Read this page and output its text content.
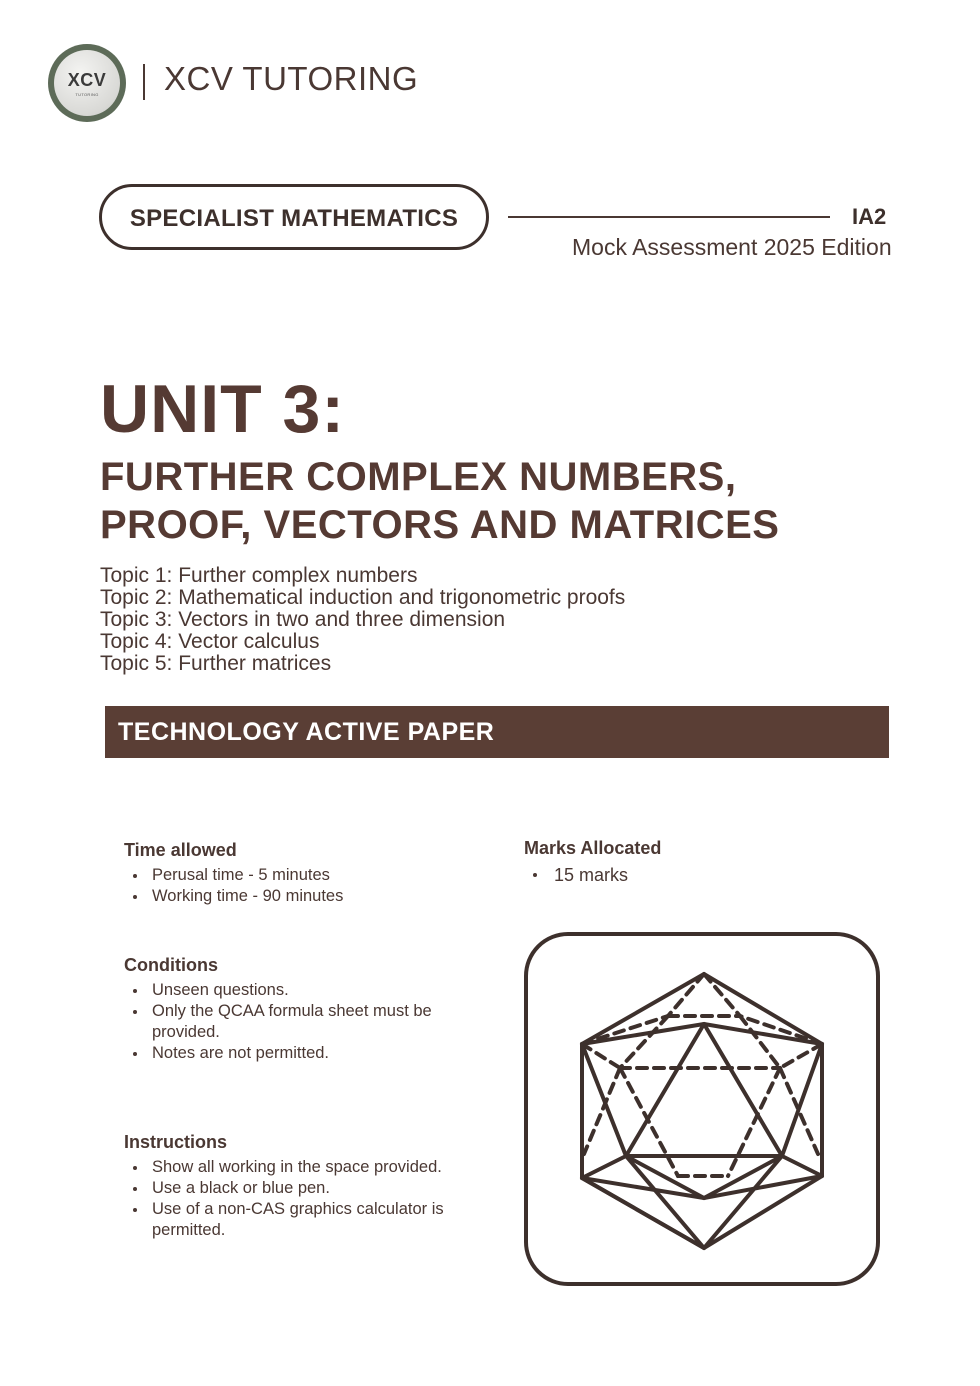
XCV
TUTORING	XCV TUTORING
SPECIALIST MATHEMATICS	IA2
Mock Assessment 2025 Edition
UNIT 3:
FURTHER COMPLEX NUMBERS,
PROOF, VECTORS AND MATRICES
Topic 1: Further complex numbers
Topic 2: Mathematical induction and trigonometric proofs
Topic 3: Vectors in two and three dimension
Topic 4: Vector calculus
Topic 5: Further matrices
TECHNOLOGY ACTIVE PAPER
Time allowed
Perusal time - 5 minutes
Working time - 90 minutes
Marks Allocated
15 marks
Conditions
Unseen questions.
Only the QCAA formula sheet must be provided.
Notes are not permitted.
Instructions
Show all working in the space provided.
Use a black or blue pen.
Use of a non-CAS graphics calculator is permitted.
